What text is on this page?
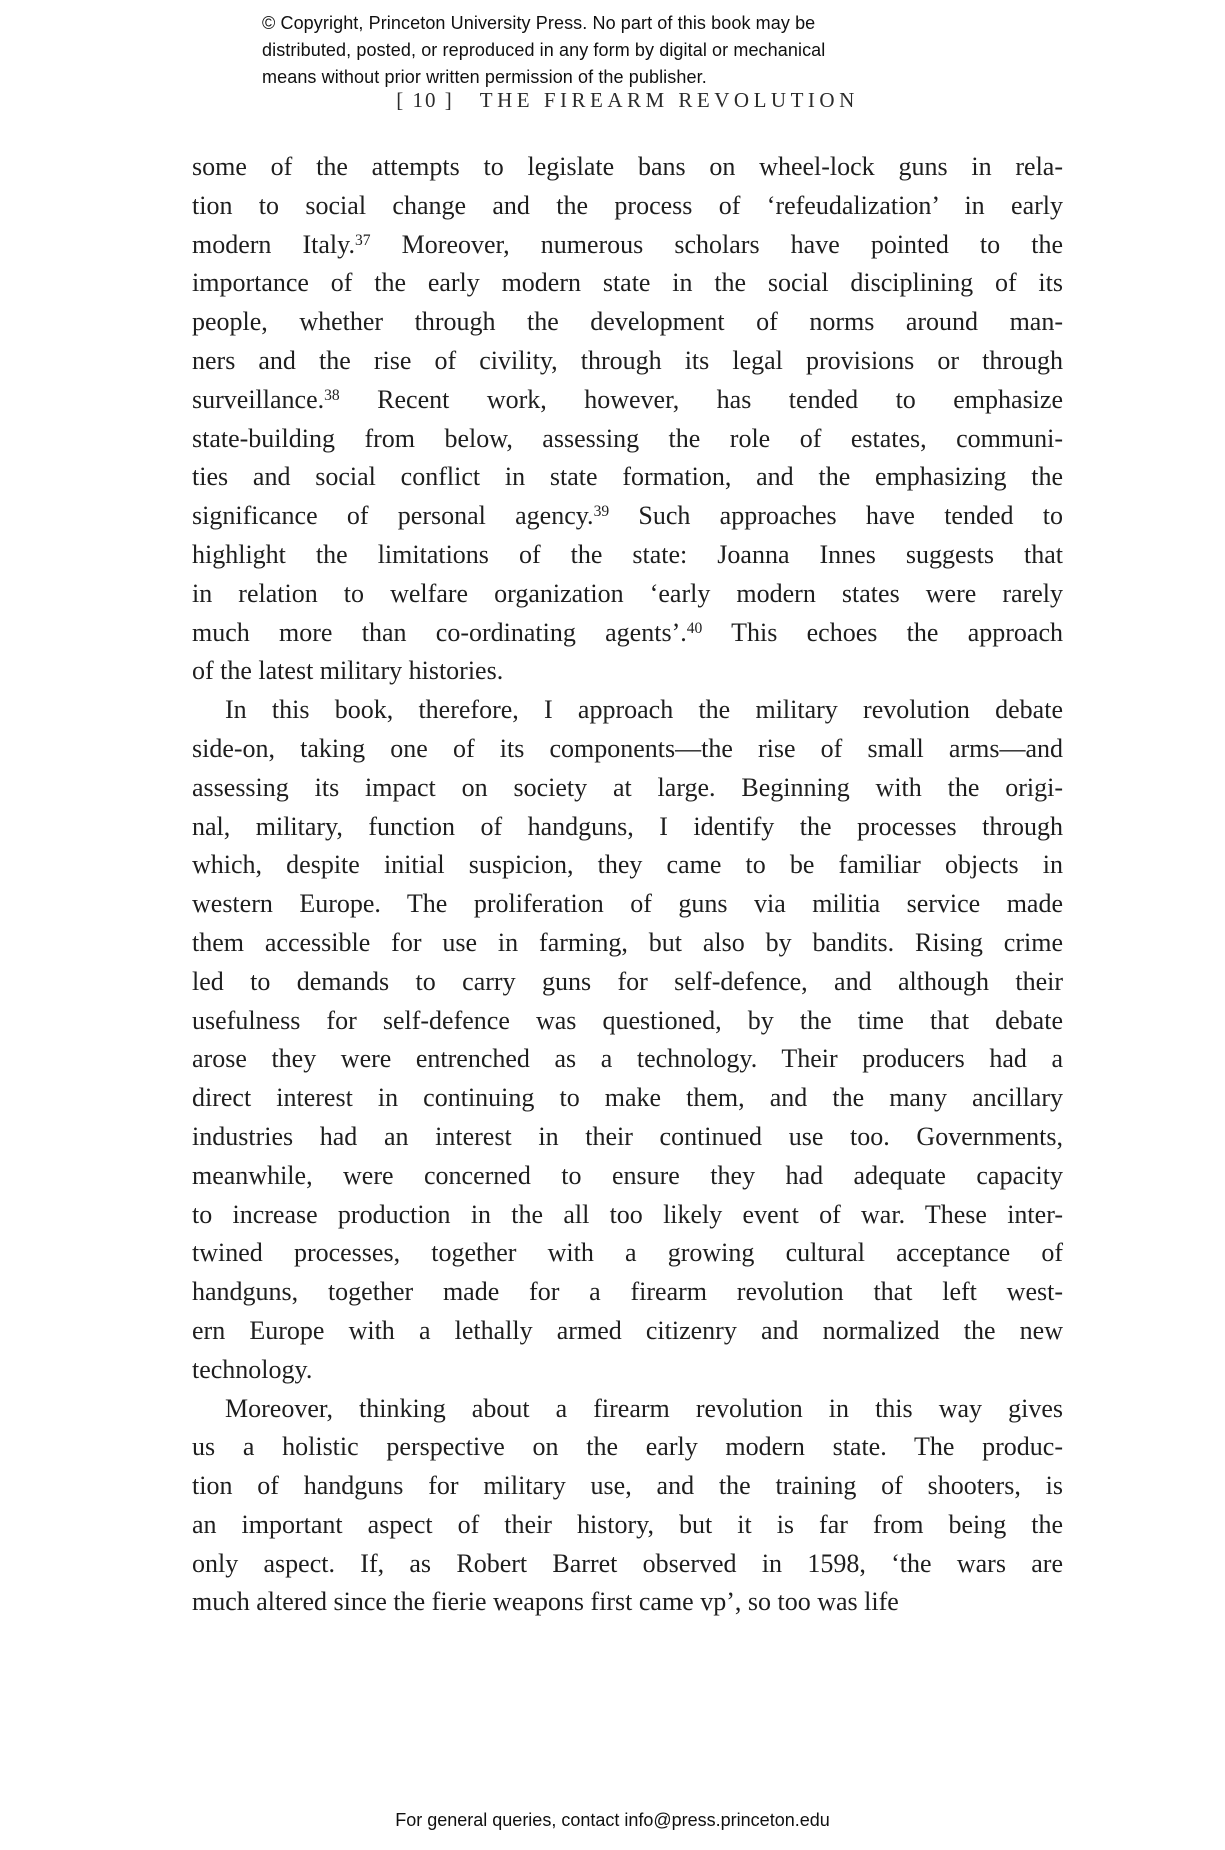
© Copyright, Princeton University Press. No part of this book may be
distributed, posted, or reproduced in any form by digital or mechanical
means without prior written permission of the publisher.
[ 10 ] THE FIREARM REVOLUTION
some of the attempts to legislate bans on wheel-lock guns in rela-
tion to social change and the process of ‘refeudalization’ in early
modern Italy.$^{37}$ Moreover, numerous scholars have pointed to the
importance of the early modern state in the social disciplining of its
people, whether through the development of norms around man-
ners and the rise of civility, through its legal provisions or through
surveillance.$^{38}$ Recent work, however, has tended to emphasize
state-building from below, assessing the role of estates, communi-
ties and social conflict in state formation, and the emphasizing the
significance of personal agency.$^{39}$ Such approaches have tended to
highlight the limitations of the state: Joanna Innes suggests that
in relation to welfare organization ‘early modern states were rarely
much more than co-ordinating agents’.$^{40}$ This echoes the approach
of the latest military histories.
In this book, therefore, I approach the military revolution debate
side-on, taking one of its components—the rise of small arms—and
assessing its impact on society at large. Beginning with the origi-
nal, military, function of handguns, I identify the processes through
which, despite initial suspicion, they came to be familiar objects in
western Europe. The proliferation of guns via militia service made
them accessible for use in farming, but also by bandits. Rising crime
led to demands to carry guns for self-defence, and although their
usefulness for self-defence was questioned, by the time that debate
arose they were entrenched as a technology. Their producers had a
direct interest in continuing to make them, and the many ancillary
industries had an interest in their continued use too. Governments,
meanwhile, were concerned to ensure they had adequate capacity
to increase production in the all too likely event of war. These inter-
twined processes, together with a growing cultural acceptance of
handguns, together made for a firearm revolution that left west-
ern Europe with a lethally armed citizenry and normalized the new
technology.
Moreover, thinking about a firearm revolution in this way gives
us a holistic perspective on the early modern state. The produc-
tion of handguns for military use, and the training of shooters, is
an important aspect of their history, but it is far from being the
only aspect. If, as Robert Barret observed in 1598, ‘the wars are
much altered since the fierie weapons first came vp’, so too was life
For general queries, contact info@press.princeton.edu
